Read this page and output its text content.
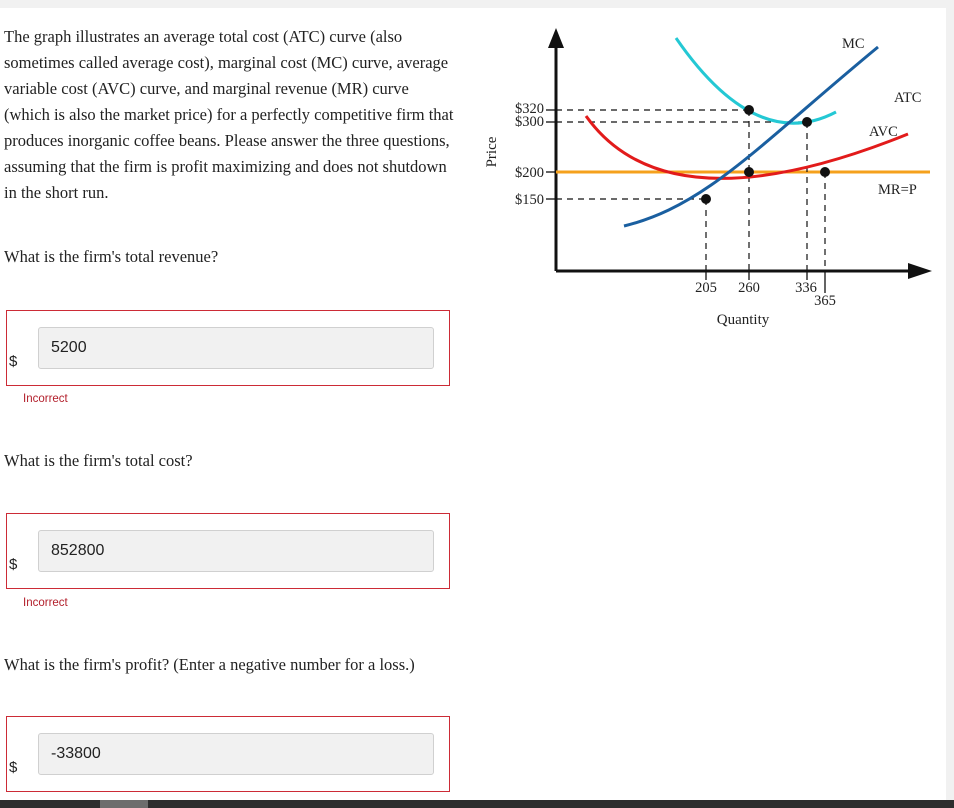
The graph illustrates an average total cost (ATC) curve (also sometimes called average cost), marginal cost (MC) curve, average variable cost (AVC) curve, and marginal revenue (MR) curve (which is also the market price) for a perfectly competitive firm that produces inorganic coffee beans. Please answer the three questions, assuming that the firm is profit maximizing and does not shutdown in the short run.
What is the firm's total revenue?
$
5200
Incorrect
What is the firm's total cost?
$
852800
Incorrect
What is the firm's profit? (Enter a negative number for a loss.)
$
-33800
$320
$300
$200
$150
205 260 336
365
Quantity
Price
MC
ATC
AVC
MR=P
